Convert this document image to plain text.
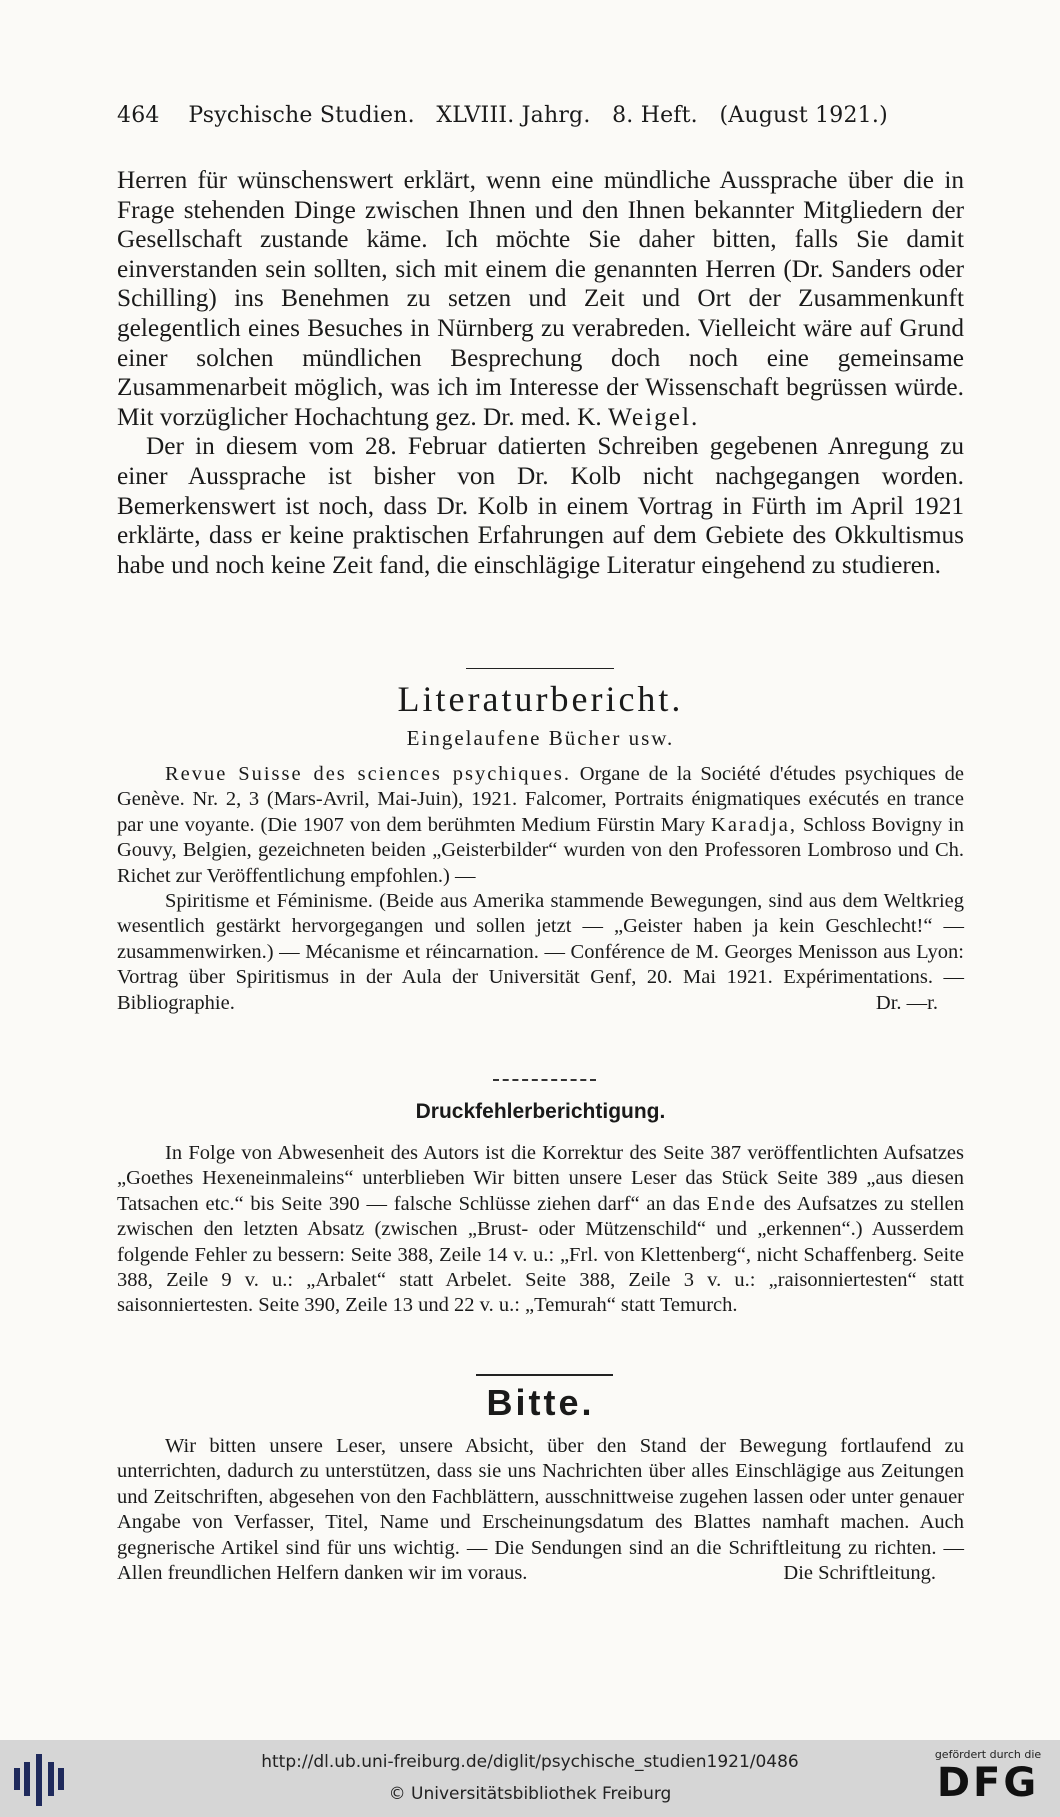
464 Psychische Studien. XLVIII. Jahrg. 8. Heft. (August 1921.)

Herren für wünschenswert erklärt, wenn eine mündliche Aussprache über die in Frage stehenden Dinge zwischen Ihnen und den Ihnen bekannter Mitgliedern der Gesellschaft zustande käme. Ich möchte Sie daher bitten, falls Sie damit einverstanden sein sollten, sich mit einem die genannten Herren (Dr. Sanders oder Schilling) ins Benehmen zu setzen und Zeit und Ort der Zusammenkunft gelegentlich eines Besuches in Nürnberg zu verabreden. Vielleicht wäre auf Grund einer solchen mündlichen Besprechung doch noch eine gemeinsame Zusammenarbeit möglich, was ich im Interesse der Wissenschaft begrüssen würde. Mit vorzüglicher Hochachtung gez. Dr. med. K. Weigel.

Der in diesem vom 28. Februar datierten Schreiben gegebenen Anregung zu einer Aussprache ist bisher von Dr. Kolb nicht nachgegangen worden. Bemerkenswert ist noch, dass Dr. Kolb in einem Vortrag in Fürth im April 1921 erklärte, dass er keine praktischen Erfahrungen auf dem Gebiete des Okkultismus habe und noch keine Zeit fand, die einschlägige Literatur eingehend zu studieren.

Literaturbericht.
Eingelaufene Bücher usw.

Revue Suisse des sciences psychiques. Organe de la Société d'études psychiques de Genève. Nr. 2, 3 (Mars-Avril, Mai-Juin), 1921. Falcomer, Portraits énigmatiques exécutés en trance par une voyante. (Die 1907 von dem berühmten Medium Fürstin Mary Karadja, Schloss Bovigny in Gouvy, Belgien, gezeichneten beiden „Geisterbilder“ wurden von den Professoren Lombroso und Ch. Richet zur Veröffentlichung empfohlen.) —

Spiritisme et Féminisme. (Beide aus Amerika stammende Bewegungen, sind aus dem Weltkrieg wesentlich gestärkt hervorgegangen und sollen jetzt — „Geister haben ja kein Geschlecht!“ — zusammenwirken.) — Mécanisme et réincarnation. — Conférence de M. Georges Menisson aus Lyon: Vortrag über Spiritismus in der Aula der Universität Genf, 20. Mai 1921. Expérimentations. — Bibliographie.	Dr. —r.

Druckfehlerberichtigung.

In Folge von Abwesenheit des Autors ist die Korrektur des Seite 387 veröffentlichten Aufsatzes „Goethes Hexeneinmaleins“ unterblieben Wir bitten unsere Leser das Stück Seite 389 „aus diesen Tatsachen etc.“ bis Seite 390 — falsche Schlüsse ziehen darf“ an das Ende des Aufsatzes zu stellen zwischen den letzten Absatz (zwischen „Brust- oder Mützenschild“ und „erkennen“.) Ausserdem folgende Fehler zu bessern: Seite 388, Zeile 14 v. u.: „Frl. von Klettenberg“, nicht Schaffenberg. Seite 388, Zeile 9 v. u.: „Arbalet“ statt Arbelet. Seite 388, Zeile 3 v. u.: „raisonniertesten“ statt saisonniertesten. Seite 390, Zeile 13 und 22 v. u.: „Temurah“ statt Temurch.

Bitte.

Wir bitten unsere Leser, unsere Absicht, über den Stand der Bewegung fortlaufend zu unterrichten, dadurch zu unterstützen, dass sie uns Nachrichten über alles Einschlägige aus Zeitungen und Zeitschriften, abgesehen von den Fachblättern, ausschnittweise zugehen lassen oder unter genauer Angabe von Verfasser, Titel, Name und Erscheinungsdatum des Blattes namhaft machen. Auch gegnerische Artikel sind für uns wichtig. — Die Sendungen sind an die Schriftleitung zu richten. — Allen freundlichen Helfern danken wir im voraus.	Die Schriftleitung.

http://dl.ub.uni-freiburg.de/diglit/psychische_studien1921/0486
© Universitätsbibliothek Freiburg
gefördert durch die
DFG
